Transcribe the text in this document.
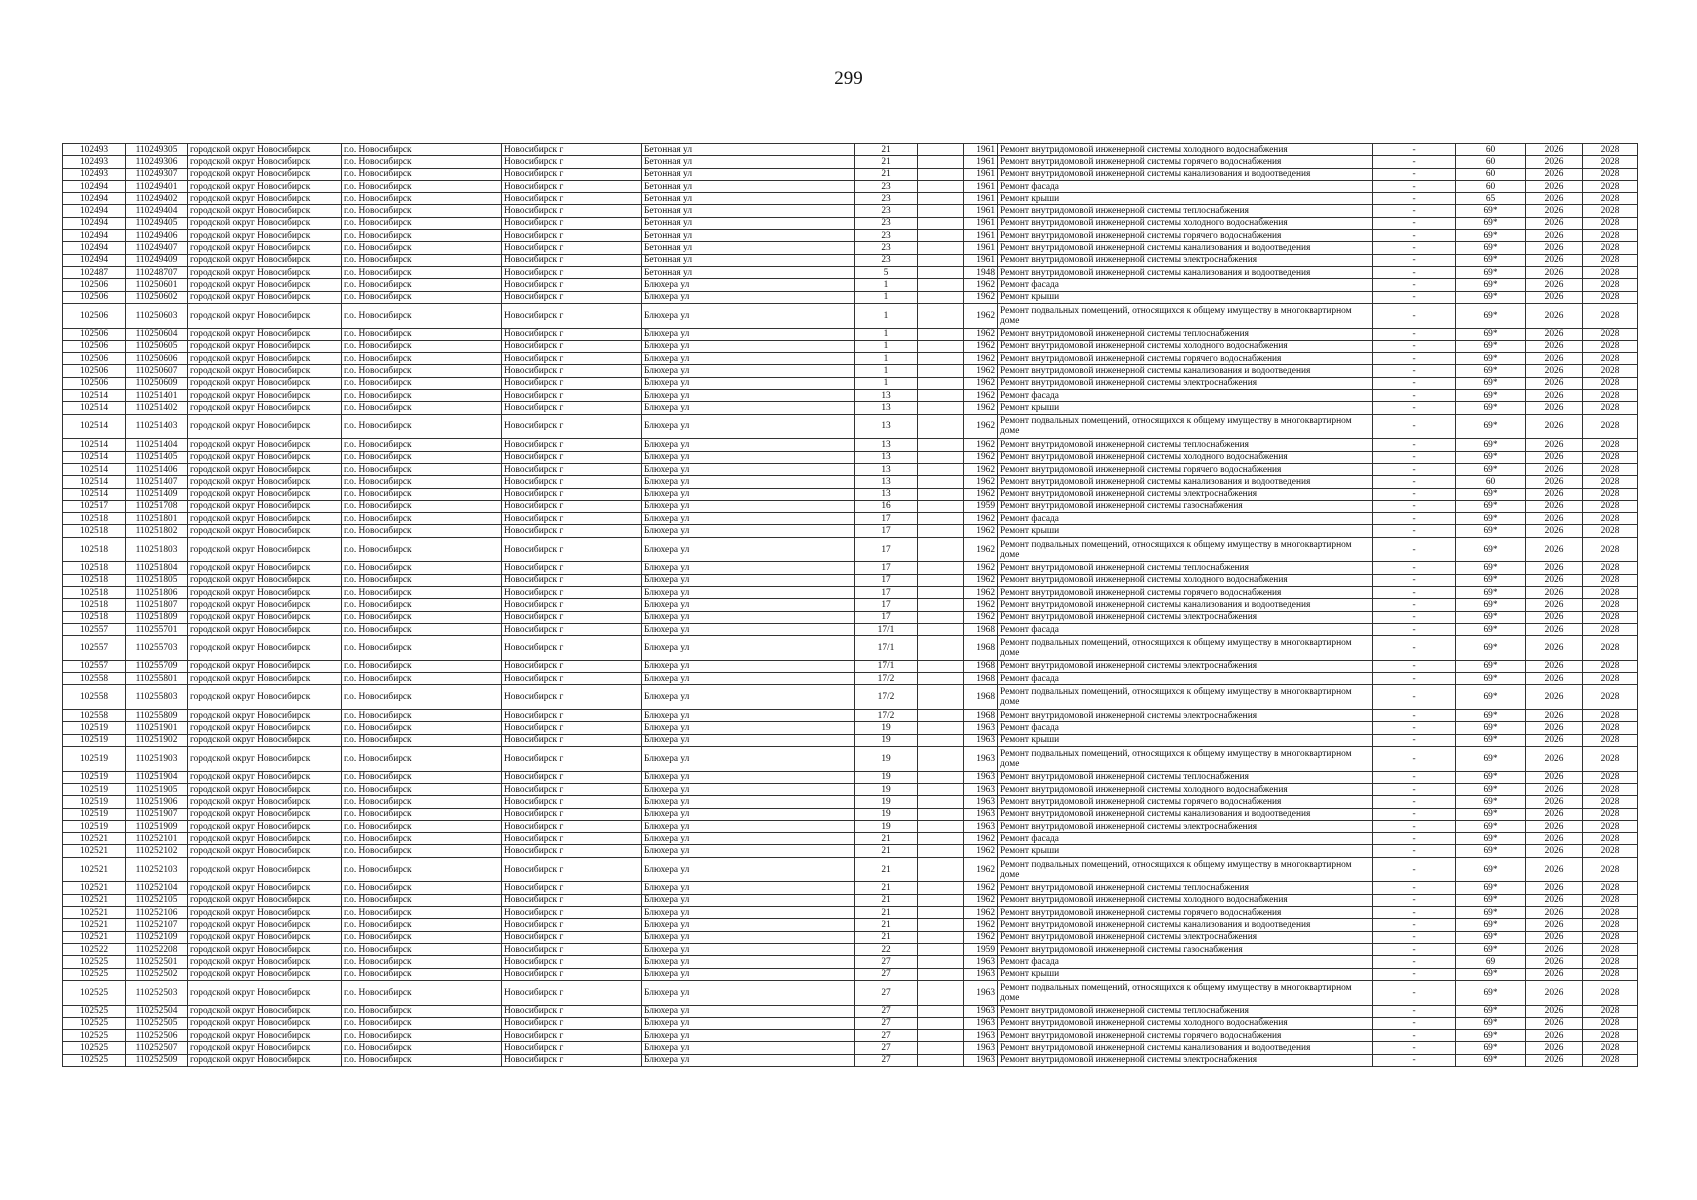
299
102493	110249305	городской округ Новосибирск	г.о. Новосибирск	Новосибирск г	Бетонная ул	21		1961	Ремонт внутридомовой инженерной системы холодного водоснабжения	-	60	2026	2028
102493	110249306	городской округ Новосибирск	г.о. Новосибирск	Новосибирск г	Бетонная ул	21		1961	Ремонт внутридомовой инженерной системы горячего водоснабжения	-	60	2026	2028
102493	110249307	городской округ Новосибирск	г.о. Новосибирск	Новосибирск г	Бетонная ул	21		1961	Ремонт внутридомовой инженерной системы канализования и водоотведения	-	60	2026	2028
102494	110249401	городской округ Новосибирск	г.о. Новосибирск	Новосибирск г	Бетонная ул	23		1961	Ремонт фасада	-	60	2026	2028
102494	110249402	городской округ Новосибирск	г.о. Новосибирск	Новосибирск г	Бетонная ул	23		1961	Ремонт крыши	-	65	2026	2028
102494	110249404	городской округ Новосибирск	г.о. Новосибирск	Новосибирск г	Бетонная ул	23		1961	Ремонт внутридомовой инженерной системы теплоснабжения	-	69*	2026	2028
102494	110249405	городской округ Новосибирск	г.о. Новосибирск	Новосибирск г	Бетонная ул	23		1961	Ремонт внутридомовой инженерной системы холодного водоснабжения	-	69*	2026	2028
102494	110249406	городской округ Новосибирск	г.о. Новосибирск	Новосибирск г	Бетонная ул	23		1961	Ремонт внутридомовой инженерной системы горячего водоснабжения	-	69*	2026	2028
102494	110249407	городской округ Новосибирск	г.о. Новосибирск	Новосибирск г	Бетонная ул	23		1961	Ремонт внутридомовой инженерной системы канализования и водоотведения	-	69*	2026	2028
102494	110249409	городской округ Новосибирск	г.о. Новосибирск	Новосибирск г	Бетонная ул	23		1961	Ремонт внутридомовой инженерной системы электроснабжения	-	69*	2026	2028
102487	110248707	городской округ Новосибирск	г.о. Новосибирск	Новосибирск г	Бетонная ул	5		1948	Ремонт внутридомовой инженерной системы канализования и водоотведения	-	69*	2026	2028
102506	110250601	городской округ Новосибирск	г.о. Новосибирск	Новосибирск г	Блюхера ул	1		1962	Ремонт фасада	-	69*	2026	2028
102506	110250602	городской округ Новосибирск	г.о. Новосибирск	Новосибирск г	Блюхера ул	1		1962	Ремонт крыши	-	69*	2026	2028
102506	110250603	городской округ Новосибирск	г.о. Новосибирск	Новосибирск г	Блюхера ул	1		1962	Ремонт подвальных помещений, относящихся к общему имуществу в многоквартирном доме	-	69*	2026	2028
102506	110250604	городской округ Новосибирск	г.о. Новосибирск	Новосибирск г	Блюхера ул	1		1962	Ремонт внутридомовой инженерной системы теплоснабжения	-	69*	2026	2028
102506	110250605	городской округ Новосибирск	г.о. Новосибирск	Новосибирск г	Блюхера ул	1		1962	Ремонт внутридомовой инженерной системы холодного водоснабжения	-	69*	2026	2028
102506	110250606	городской округ Новосибирск	г.о. Новосибирск	Новосибирск г	Блюхера ул	1		1962	Ремонт внутридомовой инженерной системы горячего водоснабжения	-	69*	2026	2028
102506	110250607	городской округ Новосибирск	г.о. Новосибирск	Новосибирск г	Блюхера ул	1		1962	Ремонт внутридомовой инженерной системы канализования и водоотведения	-	69*	2026	2028
102506	110250609	городской округ Новосибирск	г.о. Новосибирск	Новосибирск г	Блюхера ул	1		1962	Ремонт внутридомовой инженерной системы электроснабжения	-	69*	2026	2028
102514	110251401	городской округ Новосибирск	г.о. Новосибирск	Новосибирск г	Блюхера ул	13		1962	Ремонт фасада	-	69*	2026	2028
102514	110251402	городской округ Новосибирск	г.о. Новосибирск	Новосибирск г	Блюхера ул	13		1962	Ремонт крыши	-	69*	2026	2028
102514	110251403	городской округ Новосибирск	г.о. Новосибирск	Новосибирск г	Блюхера ул	13		1962	Ремонт подвальных помещений, относящихся к общему имуществу в многоквартирном доме	-	69*	2026	2028
102514	110251404	городской округ Новосибирск	г.о. Новосибирск	Новосибирск г	Блюхера ул	13		1962	Ремонт внутридомовой инженерной системы теплоснабжения	-	69*	2026	2028
102514	110251405	городской округ Новосибирск	г.о. Новосибирск	Новосибирск г	Блюхера ул	13		1962	Ремонт внутридомовой инженерной системы холодного водоснабжения	-	69*	2026	2028
102514	110251406	городской округ Новосибирск	г.о. Новосибирск	Новосибирск г	Блюхера ул	13		1962	Ремонт внутридомовой инженерной системы горячего водоснабжения	-	69*	2026	2028
102514	110251407	городской округ Новосибирск	г.о. Новосибирск	Новосибирск г	Блюхера ул	13		1962	Ремонт внутридомовой инженерной системы канализования и водоотведения	-	60	2026	2028
102514	110251409	городской округ Новосибирск	г.о. Новосибирск	Новосибирск г	Блюхера ул	13		1962	Ремонт внутридомовой инженерной системы электроснабжения	-	69*	2026	2028
102517	110251708	городской округ Новосибирск	г.о. Новосибирск	Новосибирск г	Блюхера ул	16		1959	Ремонт внутридомовой инженерной системы газоснабжения	-	69*	2026	2028
102518	110251801	городской округ Новосибирск	г.о. Новосибирск	Новосибирск г	Блюхера ул	17		1962	Ремонт фасада	-	69*	2026	2028
102518	110251802	городской округ Новосибирск	г.о. Новосибирск	Новосибирск г	Блюхера ул	17		1962	Ремонт крыши	-	69*	2026	2028
102518	110251803	городской округ Новосибирск	г.о. Новосибирск	Новосибирск г	Блюхера ул	17		1962	Ремонт подвальных помещений, относящихся к общему имуществу в многоквартирном доме	-	69*	2026	2028
102518	110251804	городской округ Новосибирск	г.о. Новосибирск	Новосибирск г	Блюхера ул	17		1962	Ремонт внутридомовой инженерной системы теплоснабжения	-	69*	2026	2028
102518	110251805	городской округ Новосибирск	г.о. Новосибирск	Новосибирск г	Блюхера ул	17		1962	Ремонт внутридомовой инженерной системы холодного водоснабжения	-	69*	2026	2028
102518	110251806	городской округ Новосибирск	г.о. Новосибирск	Новосибирск г	Блюхера ул	17		1962	Ремонт внутридомовой инженерной системы горячего водоснабжения	-	69*	2026	2028
102518	110251807	городской округ Новосибирск	г.о. Новосибирск	Новосибирск г	Блюхера ул	17		1962	Ремонт внутридомовой инженерной системы канализования и водоотведения	-	69*	2026	2028
102518	110251809	городской округ Новосибирск	г.о. Новосибирск	Новосибирск г	Блюхера ул	17		1962	Ремонт внутридомовой инженерной системы электроснабжения	-	69*	2026	2028
102557	110255701	городской округ Новосибирск	г.о. Новосибирск	Новосибирск г	Блюхера ул	17/1		1968	Ремонт фасада	-	69*	2026	2028
102557	110255703	городской округ Новосибирск	г.о. Новосибирск	Новосибирск г	Блюхера ул	17/1		1968	Ремонт подвальных помещений, относящихся к общему имуществу в многоквартирном доме	-	69*	2026	2028
102557	110255709	городской округ Новосибирск	г.о. Новосибирск	Новосибирск г	Блюхера ул	17/1		1968	Ремонт внутридомовой инженерной системы электроснабжения	-	69*	2026	2028
102558	110255801	городской округ Новосибирск	г.о. Новосибирск	Новосибирск г	Блюхера ул	17/2		1968	Ремонт фасада	-	69*	2026	2028
102558	110255803	городской округ Новосибирск	г.о. Новосибирск	Новосибирск г	Блюхера ул	17/2		1968	Ремонт подвальных помещений, относящихся к общему имуществу в многоквартирном доме	-	69*	2026	2028
102558	110255809	городской округ Новосибирск	г.о. Новосибирск	Новосибирск г	Блюхера ул	17/2		1968	Ремонт внутридомовой инженерной системы электроснабжения	-	69*	2026	2028
102519	110251901	городской округ Новосибирск	г.о. Новосибирск	Новосибирск г	Блюхера ул	19		1963	Ремонт фасада	-	69*	2026	2028
102519	110251902	городской округ Новосибирск	г.о. Новосибирск	Новосибирск г	Блюхера ул	19		1963	Ремонт крыши	-	69*	2026	2028
102519	110251903	городской округ Новосибирск	г.о. Новосибирск	Новосибирск г	Блюхера ул	19		1963	Ремонт подвальных помещений, относящихся к общему имуществу в многоквартирном доме	-	69*	2026	2028
102519	110251904	городской округ Новосибирск	г.о. Новосибирск	Новосибирск г	Блюхера ул	19		1963	Ремонт внутридомовой инженерной системы теплоснабжения	-	69*	2026	2028
102519	110251905	городской округ Новосибирск	г.о. Новосибирск	Новосибирск г	Блюхера ул	19		1963	Ремонт внутридомовой инженерной системы холодного водоснабжения	-	69*	2026	2028
102519	110251906	городской округ Новосибирск	г.о. Новосибирск	Новосибирск г	Блюхера ул	19		1963	Ремонт внутридомовой инженерной системы горячего водоснабжения	-	69*	2026	2028
102519	110251907	городской округ Новосибирск	г.о. Новосибирск	Новосибирск г	Блюхера ул	19		1963	Ремонт внутридомовой инженерной системы канализования и водоотведения	-	69*	2026	2028
102519	110251909	городской округ Новосибирск	г.о. Новосибирск	Новосибирск г	Блюхера ул	19		1963	Ремонт внутридомовой инженерной системы электроснабжения	-	69*	2026	2028
102521	110252101	городской округ Новосибирск	г.о. Новосибирск	Новосибирск г	Блюхера ул	21		1962	Ремонт фасада	-	69*	2026	2028
102521	110252102	городской округ Новосибирск	г.о. Новосибирск	Новосибирск г	Блюхера ул	21		1962	Ремонт крыши	-	69*	2026	2028
102521	110252103	городской округ Новосибирск	г.о. Новосибирск	Новосибирск г	Блюхера ул	21		1962	Ремонт подвальных помещений, относящихся к общему имуществу в многоквартирном доме	-	69*	2026	2028
102521	110252104	городской округ Новосибирск	г.о. Новосибирск	Новосибирск г	Блюхера ул	21		1962	Ремонт внутридомовой инженерной системы теплоснабжения	-	69*	2026	2028
102521	110252105	городской округ Новосибирск	г.о. Новосибирск	Новосибирск г	Блюхера ул	21		1962	Ремонт внутридомовой инженерной системы холодного водоснабжения	-	69*	2026	2028
102521	110252106	городской округ Новосибирск	г.о. Новосибирск	Новосибирск г	Блюхера ул	21		1962	Ремонт внутридомовой инженерной системы горячего водоснабжения	-	69*	2026	2028
102521	110252107	городской округ Новосибирск	г.о. Новосибирск	Новосибирск г	Блюхера ул	21		1962	Ремонт внутридомовой инженерной системы канализования и водоотведения	-	69*	2026	2028
102521	110252109	городской округ Новосибирск	г.о. Новосибирск	Новосибирск г	Блюхера ул	21		1962	Ремонт внутридомовой инженерной системы электроснабжения	-	69*	2026	2028
102522	110252208	городской округ Новосибирск	г.о. Новосибирск	Новосибирск г	Блюхера ул	22		1959	Ремонт внутридомовой инженерной системы газоснабжения	-	69*	2026	2028
102525	110252501	городской округ Новосибирск	г.о. Новосибирск	Новосибирск г	Блюхера ул	27		1963	Ремонт фасада	-	69	2026	2028
102525	110252502	городской округ Новосибирск	г.о. Новосибирск	Новосибирск г	Блюхера ул	27		1963	Ремонт крыши	-	69*	2026	2028
102525	110252503	городской округ Новосибирск	г.о. Новосибирск	Новосибирск г	Блюхера ул	27		1963	Ремонт подвальных помещений, относящихся к общему имуществу в многоквартирном доме	-	69*	2026	2028
102525	110252504	городской округ Новосибирск	г.о. Новосибирск	Новосибирск г	Блюхера ул	27		1963	Ремонт внутридомовой инженерной системы теплоснабжения	-	69*	2026	2028
102525	110252505	городской округ Новосибирск	г.о. Новосибирск	Новосибирск г	Блюхера ул	27		1963	Ремонт внутридомовой инженерной системы холодного водоснабжения	-	69*	2026	2028
102525	110252506	городской округ Новосибирск	г.о. Новосибирск	Новосибирск г	Блюхера ул	27		1963	Ремонт внутридомовой инженерной системы горячего водоснабжения	-	69*	2026	2028
102525	110252507	городской округ Новосибирск	г.о. Новосибирск	Новосибирск г	Блюхера ул	27		1963	Ремонт внутридомовой инженерной системы канализования и водоотведения	-	69*	2026	2028
102525	110252509	городской округ Новосибирск	г.о. Новосибирск	Новосибирск г	Блюхера ул	27		1963	Ремонт внутридомовой инженерной системы электроснабжения	-	69*	2026	2028
